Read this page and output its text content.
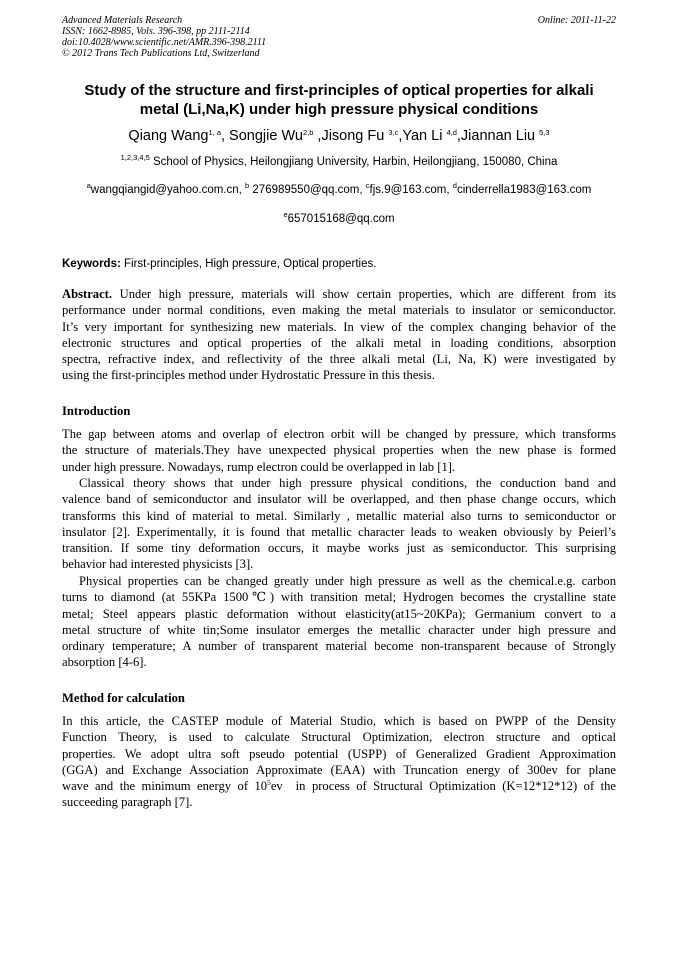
Advanced Materials Research
ISSN: 1662-8985, Vols. 396-398, pp 2111-2114
doi:10.4028/www.scientific.net/AMR.396-398.2111
© 2012 Trans Tech Publications Ltd, Switzerland
Online: 2011-11-22
Study of the structure and first-principles of optical properties for alkali
metal (Li,Na,K) under high pressure physical conditions
Qiang Wang$^{1, a}$, Songjie Wu$^{2,b}$ ,Jisong Fu $^{3,c}$,Yan Li $^{4,d}$,Jiannan Liu $^{5,3}$
$^{1,2,3,4,5}$ School of Physics, Heilongjiang University, Harbin, Heilongjiang, 150080, China
$^a$wangqiangid@yahoo.com.cn, $^b$ 276989550@qq.com, $^c$fjs.9@163.com, $^d$cinderrella1983@163.com
$^e$657015168@qq.com
Keywords: First-principles, High pressure, Optical properties.
Abstract. Under high pressure, materials will show certain properties, which are different from its
performance under normal conditions, even making the metal materials to insulator or semiconductor.
It’s very important for synthesizing new materials. In view of the complex changing behavior of the
electronic structures and optical properties of the alkali metal in loading conditions, absorption
spectra, refractive index, and reflectivity of the three alkali metal (Li, Na, K) were investigated by
using the first-principles method under Hydrostatic Pressure in this thesis.
Introduction
The gap between atoms and overlap of electron orbit will be changed by pressure, which transforms
the structure of materials.They have unexpected physical properties when the new phase is formed
under high pressure. Nowadays, rump electron could be overlapped in lab [1].
Classical theory shows that under high pressure physical conditions, the conduction band and
valence band of semiconductor and insulator will be overlapped, and then phase change occurs, which
transforms this kind of material to metal. Similarly , metallic material also turns to semiconductor or
insulator [2]. Experimentally, it is found that metallic character leads to weaken obviously by Peierl’s
transition. If some tiny deformation occurs, it maybe works just as semiconductor. This surprising
behavior had interested physicists [3].
Physical properties can be changed greatly under high pressure as well as the chemical.e.g. carbon
turns to diamond (at 55KPa 1500℃) with transition metal; Hydrogen becomes the crystalline state
metal; Steel appears plastic deformation without elasticity(at15~20KPa); Germanium convert to a
metal structure of white tin;Some insulator emerges the metallic character under high pressure and
ordinary temperature; A number of transparent material become non-transparent because of Strongly
absorption [4-6].
Method for calculation
In this article, the CASTEP module of Material Studio, which is based on PWPP of the Density
Function Theory, is used to calculate Structural Optimization, electron structure and optical
properties. We adopt ultra soft pseudo potential (USPP) of Generalized Gradient Approximation
(GGA) and Exchange Association Approximate (EAA) with Truncation energy of 300ev for plane
wave and the minimum energy of $10^5ev$  in process of Structural Optimization (K=12*12*12) of the
succeeding paragraph [7].
